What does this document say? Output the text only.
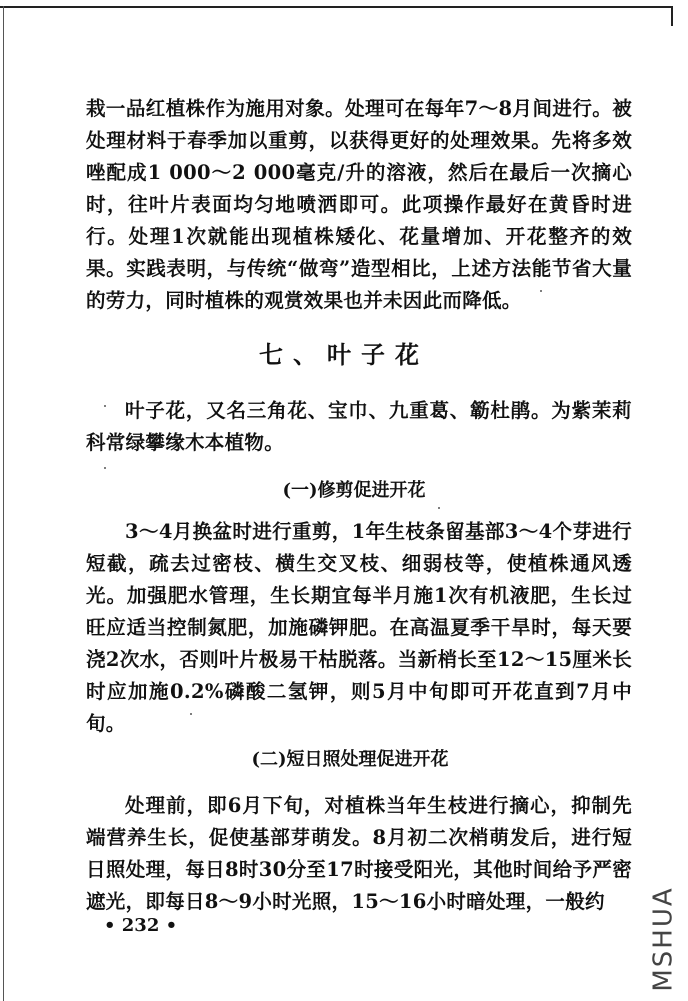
栽一品红植株作为施用对象。处理可在每年7～8月间进行。被处理材料于春季加以重剪，以获得更好的处理效果。先将多效唑配成1 000～2 000毫克/升的溶液，然后在最后一次摘心时，往叶片表面均匀地喷洒即可。此项操作最好在黄昏时进行。处理1次就能出现植株矮化、花量增加、开花整齐的效果。实践表明，与传统“做弯”造型相比，上述方法能节省大量的劳力，同时植株的观赏效果也并未因此而降低。

七、叶子花

叶子花，又名三角花、宝巾、九重葛、簕杜鹃。为紫茉莉科常绿攀缘木本植物。

(一)修剪促进开花

3～4月换盆时进行重剪，1年生枝条留基部3～4个芽进行短截，疏去过密枝、横生交叉枝、细弱枝等，使植株通风透光。加强肥水管理，生长期宜每半月施1次有机液肥，生长过旺应适当控制氮肥，加施磷钾肥。在高温夏季干旱时，每天要浇2次水，否则叶片极易干枯脱落。当新梢长至12～15厘米长时应加施0.2%磷酸二氢钾，则5月中旬即可开花直到7月中旬。

(二)短日照处理促进开花

处理前，即6月下旬，对植株当年生枝进行摘心，抑制先端营养生长，促使基部芽萌发。8月初二次梢萌发后，进行短日照处理，每日8时30分至17时接受阳光，其他时间给予严密遮光，即每日8～9小时光照，15～16小时暗处理，一般约

• 232 •	MSHUA
